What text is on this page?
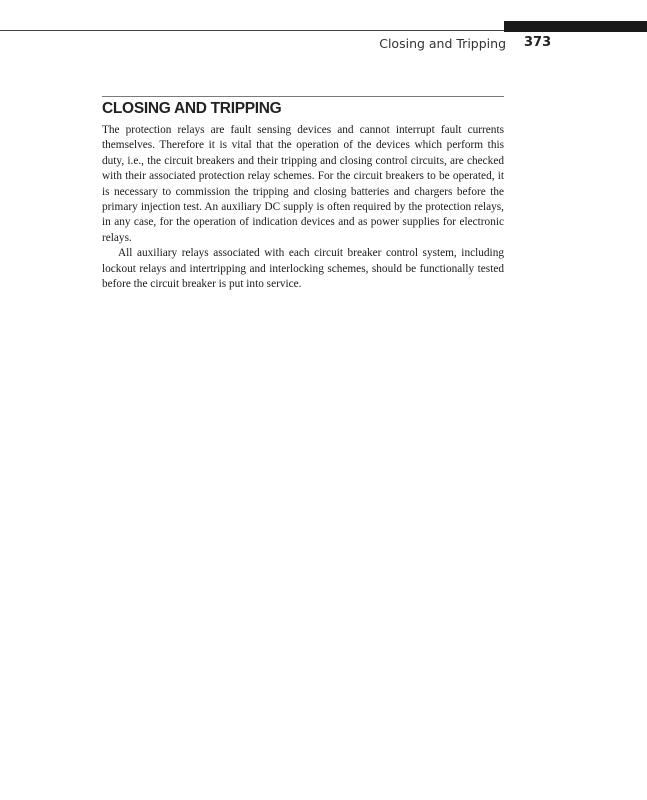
Closing and Tripping 373
CLOSING AND TRIPPING

The protection relays are fault sensing devices and cannot interrupt fault currents themselves. Therefore it is vital that the operation of the devices which perform this duty, i.e., the circuit breakers and their tripping and closing control circuits, are checked with their associated protection relay schemes. For the circuit breakers to be operated, it is necessary to commission the tripping and closing batteries and chargers before the primary injection test. An auxiliary DC supply is often required by the protection relays, in any case, for the operation of indication devices and as power supplies for electronic relays.

All auxiliary relays associated with each circuit breaker control system, including lockout relays and intertripping and interlocking schemes, should be functionally tested before the circuit breaker is put into service.
